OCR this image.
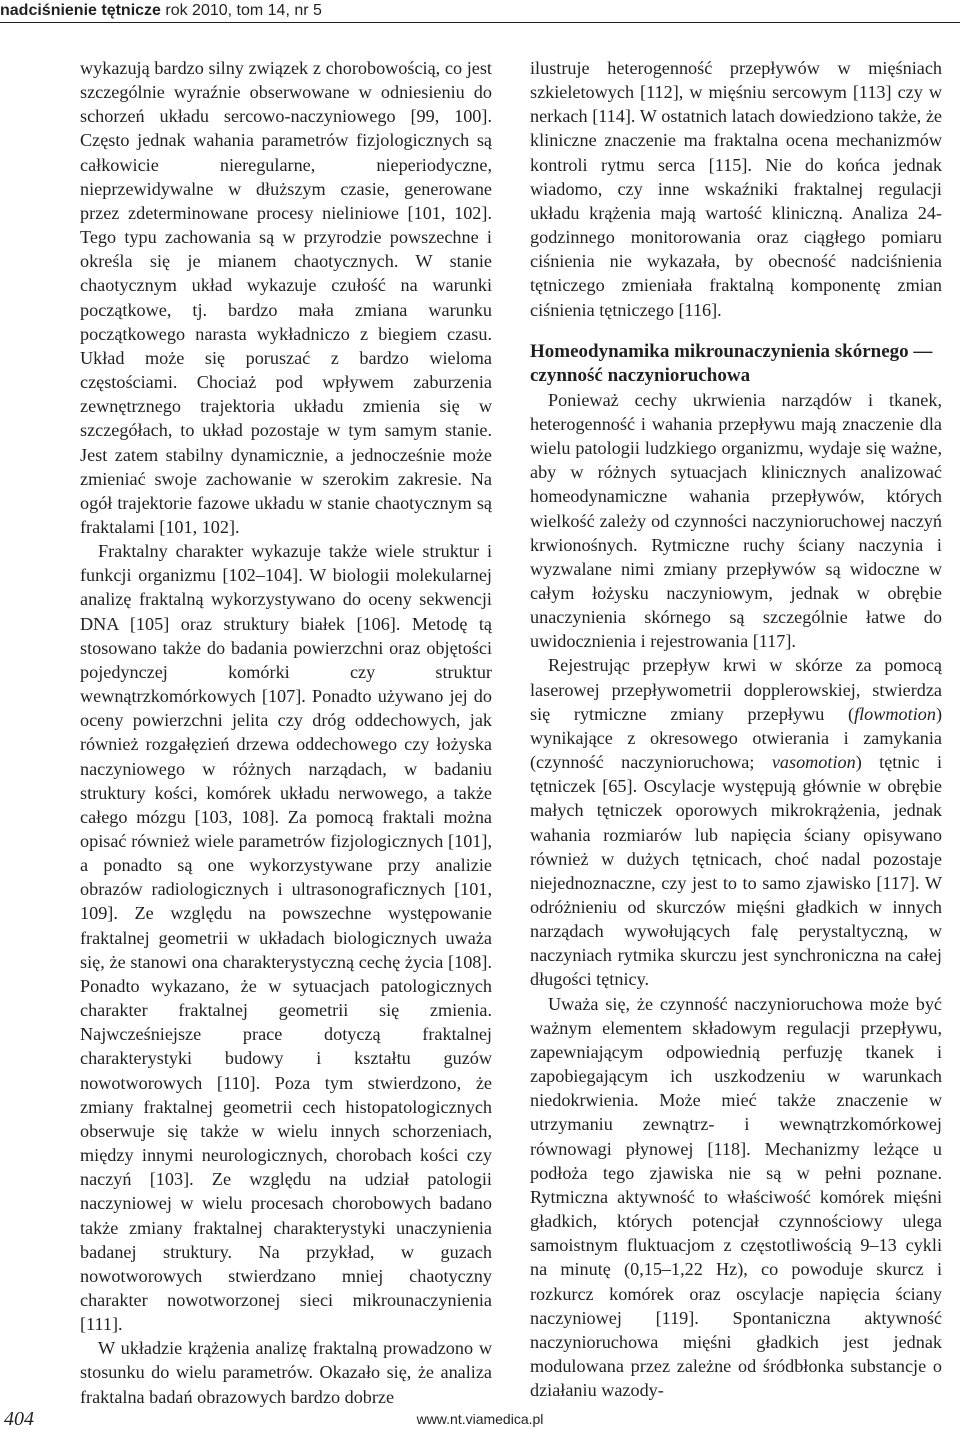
nadciśnienie tętnicze rok 2010, tom 14, nr 5

wykazują bardzo silny związek z chorobowością, co jest szczególnie wyraźnie obserwowane w odniesieniu do schorzeń układu sercowo-naczyniowego [99, 100]. Często jednak wahania parametrów fizjologicznych są całkowicie nieregularne, nieperiodyczne, nieprzewidywalne w dłuższym czasie, generowane przez zdeterminowane procesy nieliniowe [101, 102]. Tego typu zachowania są w przyrodzie powszechne i określa się je mianem chaotycznych. W stanie chaotycznym układ wykazuje czułość na warunki początkowe, tj. bardzo mała zmiana warunku początkowego narasta wykładniczo z biegiem czasu. Układ może się poruszać z bardzo wieloma częstościami. Chociaż pod wpływem zaburzenia zewnętrznego trajektoria układu zmienia się w szczegółach, to układ pozostaje w tym samym stanie. Jest zatem stabilny dynamicznie, a jednocześnie może zmieniać swoje zachowanie w szerokim zakresie. Na ogół trajektorie fazowe układu w stanie chaotycznym są fraktalami [101, 102].

Fraktalny charakter wykazuje także wiele struktur i funkcji organizmu [102–104]. W biologii molekularnej analizę fraktalną wykorzystywano do oceny sekwencji DNA [105] oraz struktury białek [106]. Metodę tą stosowano także do badania powierzchni oraz objętości pojedynczej komórki czy struktur wewnątrzkomórkowych [107]. Ponadto używano jej do oceny powierzchni jelita czy dróg oddechowych, jak również rozgałęzień drzewa oddechowego czy łożyska naczyniowego w różnych narządach, w badaniu struktury kości, komórek układu nerwowego, a także całego mózgu [103, 108]. Za pomocą fraktali można opisać również wiele parametrów fizjologicznych [101], a ponadto są one wykorzystywane przy analizie obrazów radiologicznych i ultrasonograficznych [101, 109]. Ze względu na powszechne występowanie fraktalnej geometrii w układach biologicznych uważa się, że stanowi ona charakterystyczną cechę życia [108]. Ponadto wykazano, że w sytuacjach patologicznych charakter fraktalnej geometrii się zmienia. Najwcześniejsze prace dotyczą fraktalnej charakterystyki budowy i kształtu guzów nowotworowych [110]. Poza tym stwierdzono, że zmiany fraktalnej geometrii cech histopatologicznych obserwuje się także w wielu innych schorzeniach, między innymi neurologicznych, chorobach kości czy naczyń [103]. Ze względu na udział patologii naczyniowej w wielu procesach chorobowych badano także zmiany fraktalnej charakterystyki unaczynienia badanej struktury. Na przykład, w guzach nowotworowych stwierdzano mniej chaotyczny charakter nowotworzonej sieci mikrounaczynienia [111].

W układzie krążenia analizę fraktalną prowadzono w stosunku do wielu parametrów. Okazało się, że analiza fraktalna badań obrazowych bardzo dobrze

ilustruje heterogenność przepływów w mięśniach szkieletowych [112], w mięśniu sercowym [113] czy w nerkach [114]. W ostatnich latach dowiedziono także, że kliniczne znaczenie ma fraktalna ocena mechanizmów kontroli rytmu serca [115]. Nie do końca jednak wiadomo, czy inne wskaźniki fraktalnej regulacji układu krążenia mają wartość kliniczną. Analiza 24-godzinnego monitorowania oraz ciągłego pomiaru ciśnienia nie wykazała, by obecność nadciśnienia tętniczego zmieniała fraktalną komponentę zmian ciśnienia tętniczego [116].

Homeodynamika mikrounaczynienia skórnego — czynność naczynioruchowa

Ponieważ cechy ukrwienia narządów i tkanek, heterogenność i wahania przepływu mają znaczenie dla wielu patologii ludzkiego organizmu, wydaje się ważne, aby w różnych sytuacjach klinicznych analizować homeodynamiczne wahania przepływów, których wielkość zależy od czynności naczynioruchowej naczyń krwionośnych. Rytmiczne ruchy ściany naczynia i wyzwalane nimi zmiany przepływów są widoczne w całym łożysku naczyniowym, jednak w obrębie unaczynienia skórnego są szczególnie łatwe do uwidocznienia i rejestrowania [117].

Rejestrując przepływ krwi w skórze za pomocą laserowej przepływometrii dopplerowskiej, stwierdza się rytmiczne zmiany przepływu (flowmotion) wynikające z okresowego otwierania i zamykania (czynność naczynioruchowa; vasomotion) tętnic i tętniczek [65]. Oscylacje występują głównie w obrębie małych tętniczek oporowych mikrokrążenia, jednak wahania rozmiarów lub napięcia ściany opisywano również w dużych tętnicach, choć nadal pozostaje niejednoznaczne, czy jest to to samo zjawisko [117]. W odróżnieniu od skurczów mięśni gładkich w innych narządach wywołujących falę perystaltyczną, w naczyniach rytmika skurczu jest synchroniczna na całej długości tętnicy.

Uważa się, że czynność naczynioruchowa może być ważnym elementem składowym regulacji przepływu, zapewniającym odpowiednią perfuzję tkanek i zapobiegającym ich uszkodzeniu w warunkach niedokrwienia. Może mieć także znaczenie w utrzymaniu zewnątrz- i wewnątrzkomórkowej równowagi płynowej [118]. Mechanizmy leżące u podłoża tego zjawiska nie są w pełni poznane. Rytmiczna aktywność to właściwość komórek mięśni gładkich, których potencjał czynnościowy ulega samoistnym fluktuacjom z częstotliwością 9–13 cykli na minutę (0,15–1,22 Hz), co powoduje skurcz i rozkurcz komórek oraz oscylacje napięcia ściany naczyniowej [119]. Spontaniczna aktywność naczynioruchowa mięśni gładkich jest jednak modulowana przez zależne od śródbłonka substancje o działaniu wazody-

404	www.nt.viamedica.pl
